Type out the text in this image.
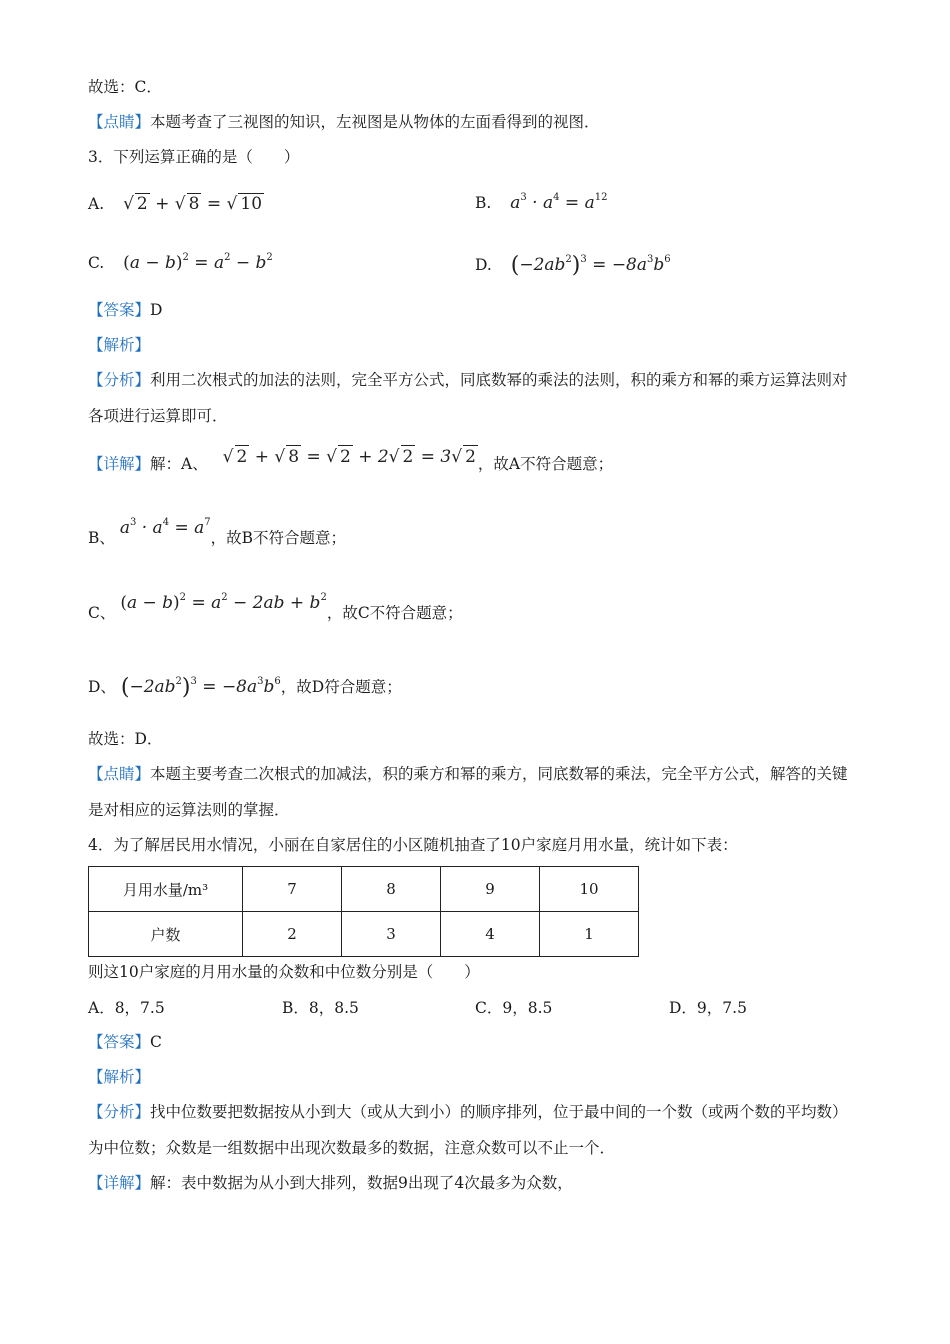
故选：C．
【点睛】本题考查了三视图的知识，左视图是从物体的左面看得到的视图．
3．下列运算正确的是（　　）
A. √ 2 + √ 8 = √ 10	B. $a^3 \cdot a^4 = a^{12}$
C. $(a - b)^2 = a^2 - b^2$	D. $(-2ab^2)^3 = -8a^3b^6$
【答案】D
【解析】
【分析】利用二次根式的加法的法则，完全平方公式，同底数幂的乘法的法则，积的乘方和幂的乘方运算法则对各项进行运算即可．
【详解】解：A、 √ 2 + √ 8 = √ 2 + 2√ 2 = 3√ 2 ，故A不符合题意；
B、 $a^3 \cdot a^4 = a^7$，故B不符合题意；
C、 $(a - b)^2 = a^2 - 2ab + b^2$，故C不符合题意；
D、 $(-2ab^2)^3 = -8a^3b^6$，故D符合题意；
故选：D．
【点睛】本题主要考查二次根式的加减法，积的乘方和幂的乘方，同底数幂的乘法，完全平方公式，解答的关键是对相应的运算法则的掌握．
4．为了解居民用水情况，小丽在自家居住的小区随机抽查了10户家庭月用水量，统计如下表：
月用水量/m³	7	8	9	10
户数	2	3	4	1
则这10户家庭的月用水量的众数和中位数分别是（　　）
A．8，7.5	B．8，8.5	C．9，8.5	D．9，7.5
【答案】C
【解析】
【分析】找中位数要把数据按从小到大（或从大到小）的顺序排列，位于最中间的一个数（或两个数的平均数）为中位数；众数是一组数据中出现次数最多的数据，注意众数可以不止一个．
【详解】解：表中数据为从小到大排列，数据9出现了4次最多为众数，
